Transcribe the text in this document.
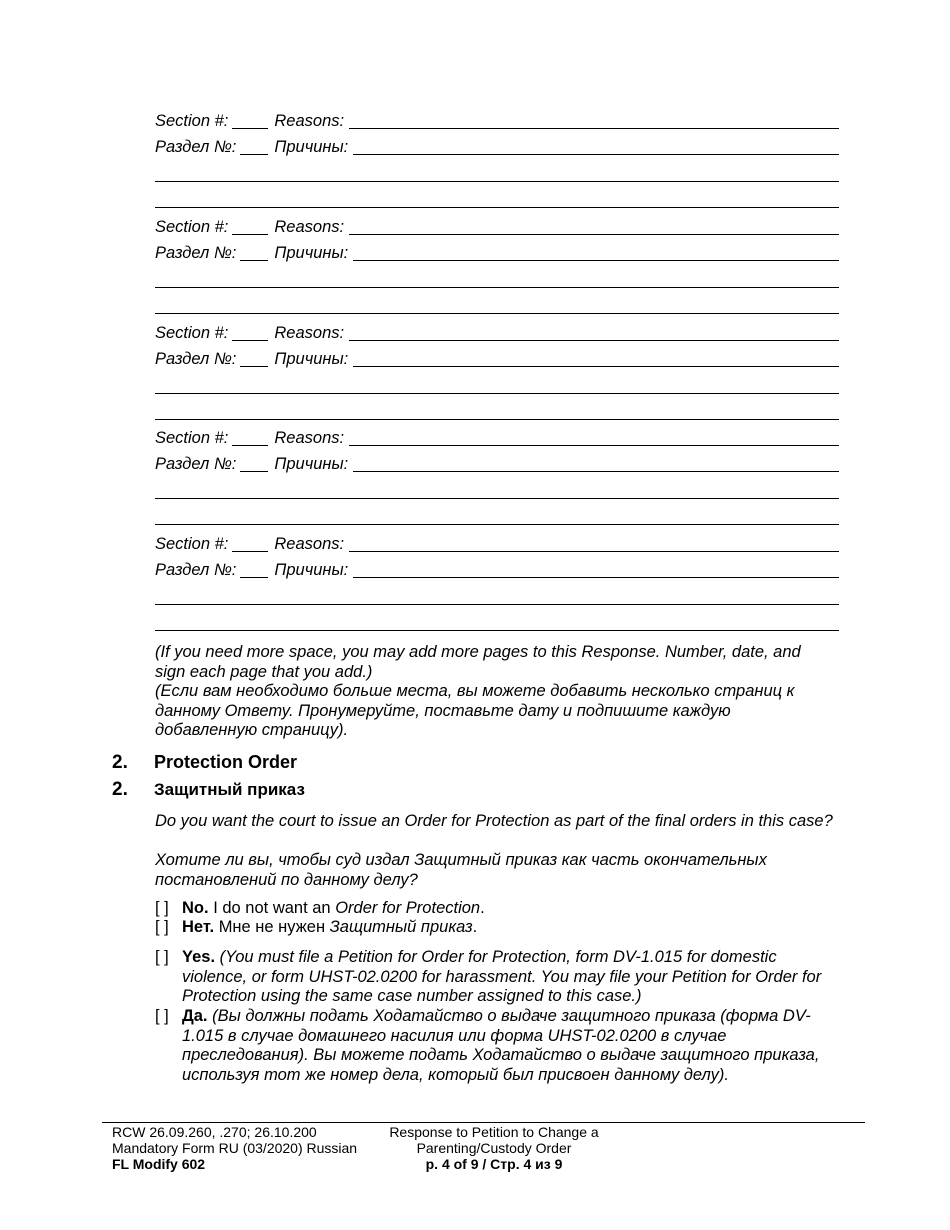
Section #:	Reasons:
Раздел №: Причины:
Section #:	Reasons:
Раздел №: Причины:
Section #:	Reasons:
Раздел №: Причины:
Section #:	Reasons:
Раздел №: Причины:
Section #:	Reasons:
Раздел №: Причины:
(If you need more space, you may add more pages to this Response. Number, date, and sign each page that you add.)
(Если вам необходимо больше места, вы можете добавить несколько страниц к данному Ответу. Пронумеруйте, поставьте дату и подпишите каждую добавленную страницу).
2. Protection Order
2. Защитный приказ
Do you want the court to issue an Order for Protection as part of the final orders in this case?
Хотите ли вы, чтобы суд издал Защитный приказ как часть окончательных постановлений по данному делу?
[ ] No. I do not want an Order for Protection.
[ ] Нет. Мне не нужен Защитный приказ.
[ ] Yes. (You must file a Petition for Order for Protection, form DV-1.015 for domestic violence, or form UHST-02.0200 for harassment. You may file your Petition for Order for Protection using the same case number assigned to this case.)
[ ] Да. (Вы должны подать Ходатайство о выдаче защитного приказа (форма DV-1.015 в случае домашнего насилия или форма UHST-02.0200 в случае преследования). Вы можете подать Ходатайство о выдаче защитного приказа, используя тот же номер дела, который был присвоен данному делу).
RCW 26.09.260, .270; 26.10.200
Mandatory Form RU (03/2020) Russian
FL Modify 602
Response to Petition to Change a
Parenting/Custody Order
p. 4 of 9 / Стр. 4 из 9
